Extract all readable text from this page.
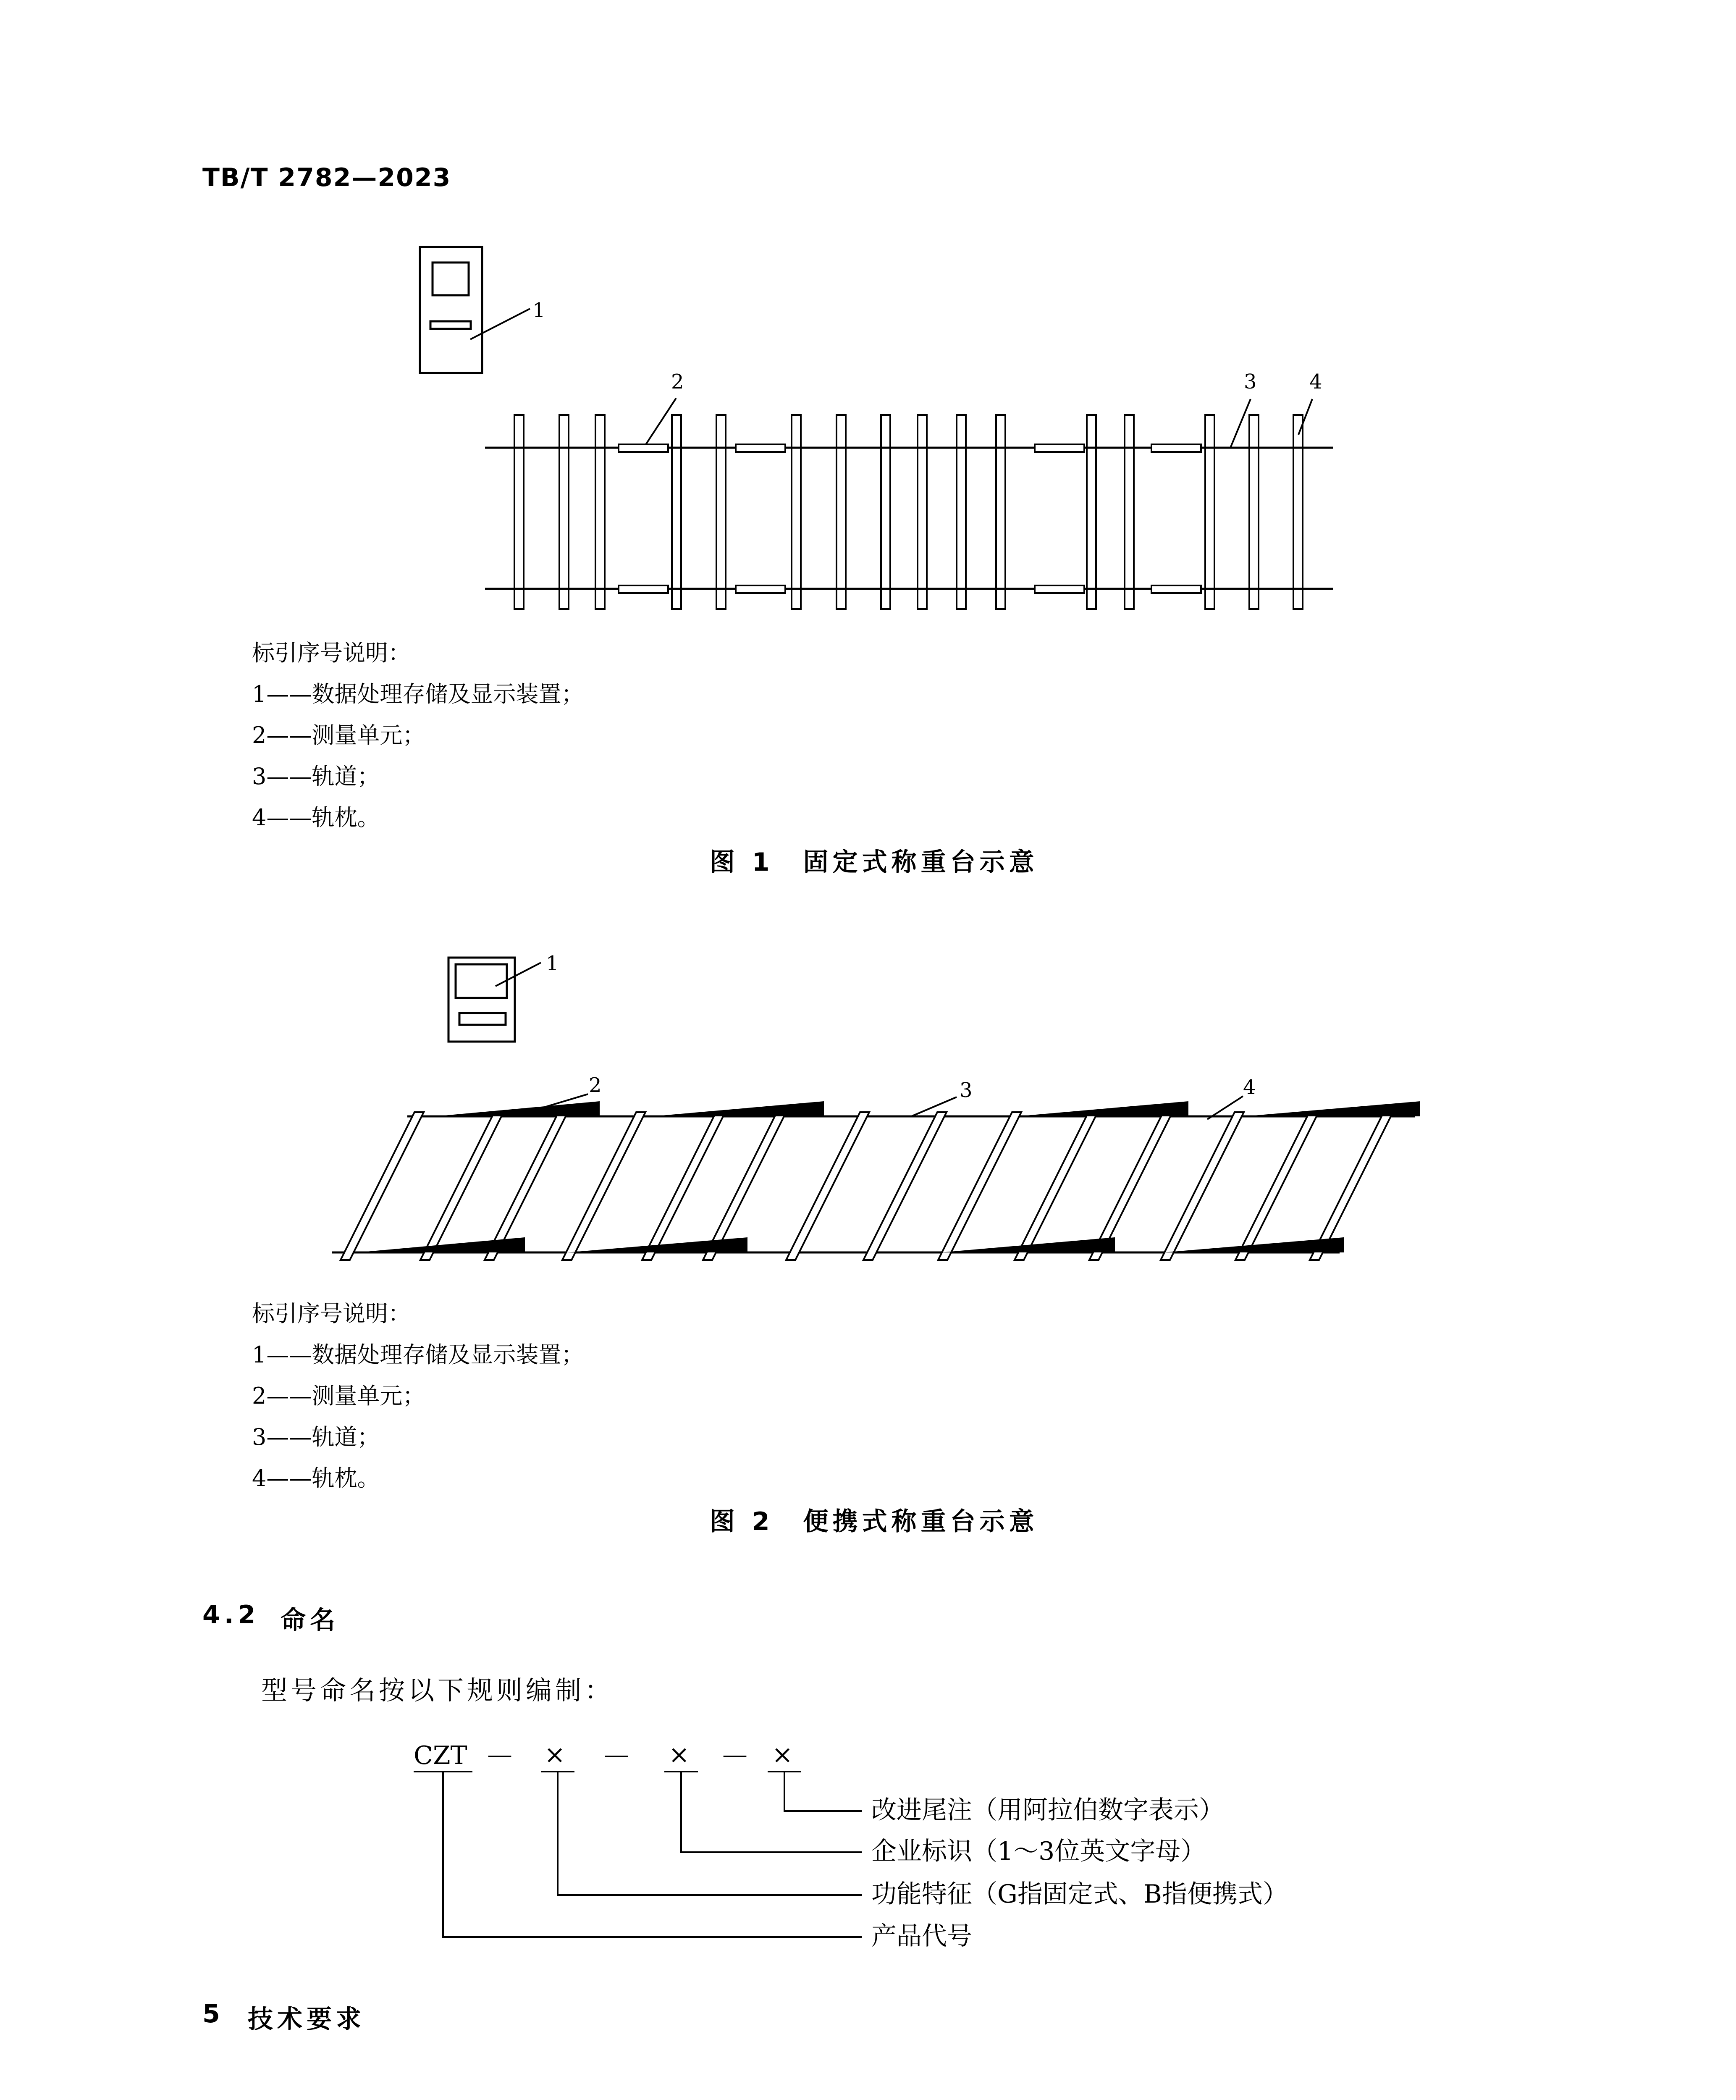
TB/T 2782—2023
1
2	3	4
标引序号说明：
1——数据处理存储及显示装置；
2——测量单元；
3——轨道；
4——轨枕。
图 1　固定式称重台示意
1
2	3	4
标引序号说明：
1——数据处理存储及显示装置；
2——测量单元；
3——轨道；
4——轨枕。
图 2　便携式称重台示意
4.2 命名
型号命名按以下规则编制：
CZT — × — × — ×
改进尾注（用阿拉伯数字表示）
企业标识（1～3位英文字母）
功能特征（G指固定式、B指便携式）
产品代号
5 技术要求
